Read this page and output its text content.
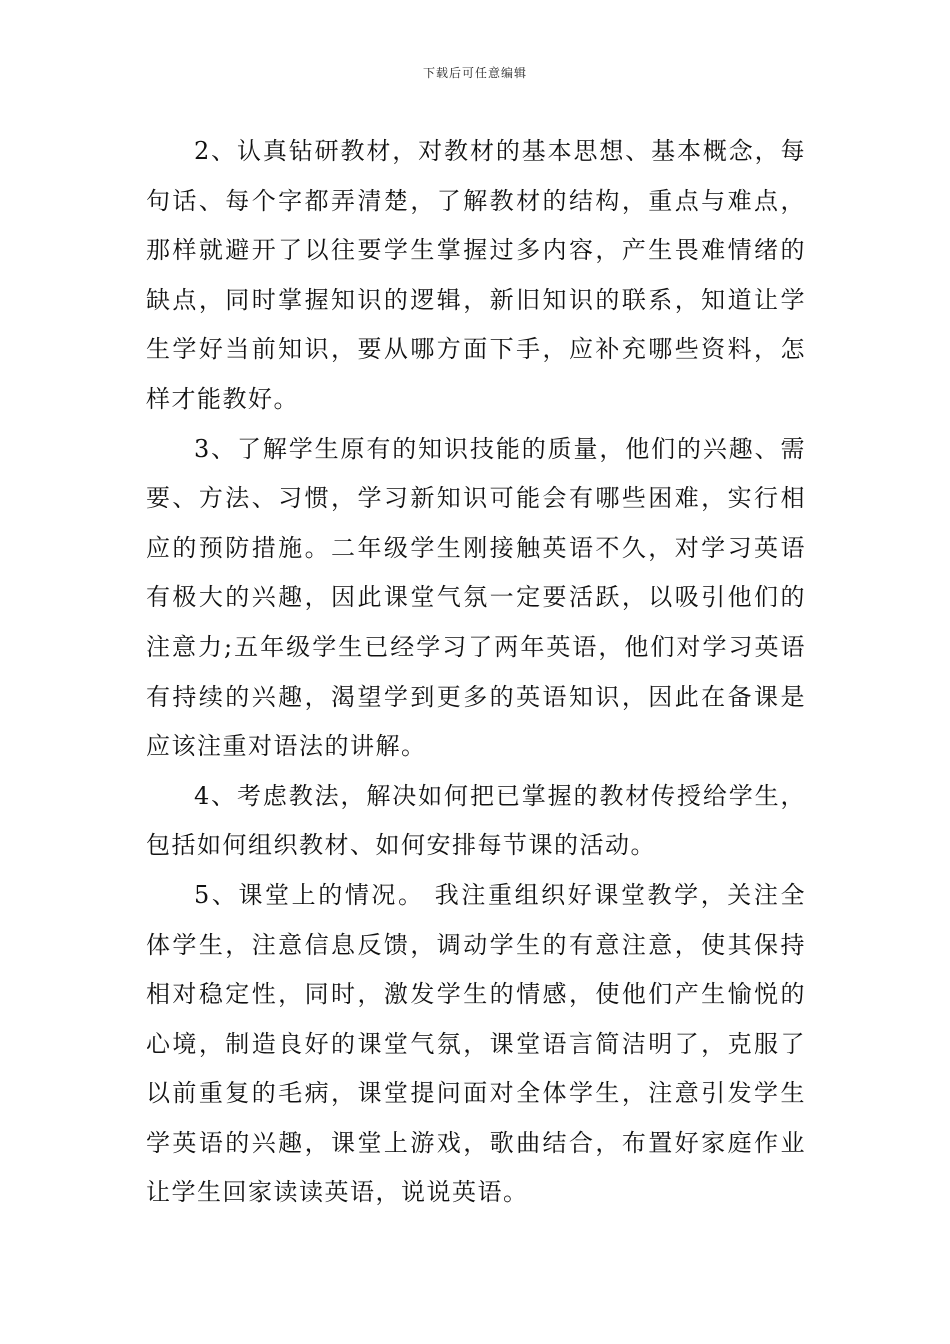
下载后可任意编辑

2、认真钻研教材，对教材的基本思想、基本概念，每句话、每个字都弄清楚，了解教材的结构，重点与难点，那样就避开了以往要学生掌握过多内容，产生畏难情绪的缺点，同时掌握知识的逻辑，新旧知识的联系，知道让学生学好当前知识，要从哪方面下手，应补充哪些资料，怎样才能教好。

3、了解学生原有的知识技能的质量，他们的兴趣、需要、方法、习惯，学习新知识可能会有哪些困难，实行相应的预防措施。二年级学生刚接触英语不久，对学习英语有极大的兴趣，因此课堂气氛一定要活跃，以吸引他们的注意力;五年级学生已经学习了两年英语，他们对学习英语有持续的兴趣，渴望学到更多的英语知识，因此在备课是应该注重对语法的讲解。

4、考虑教法，解决如何把已掌握的教材传授给学生，包括如何组织教材、如何安排每节课的活动。

5、课堂上的情况。 我注重组织好课堂教学，关注全体学生，注意信息反馈，调动学生的有意注意，使其保持相对稳定性，同时，激发学生的情感，使他们产生愉悦的心境，制造良好的课堂气氛，课堂语言简洁明了，克服了以前重复的毛病，课堂提问面对全体学生，注意引发学生学英语的兴趣，课堂上游戏，歌曲结合，布置好家庭作业让学生回家读读英语，说说英语。
